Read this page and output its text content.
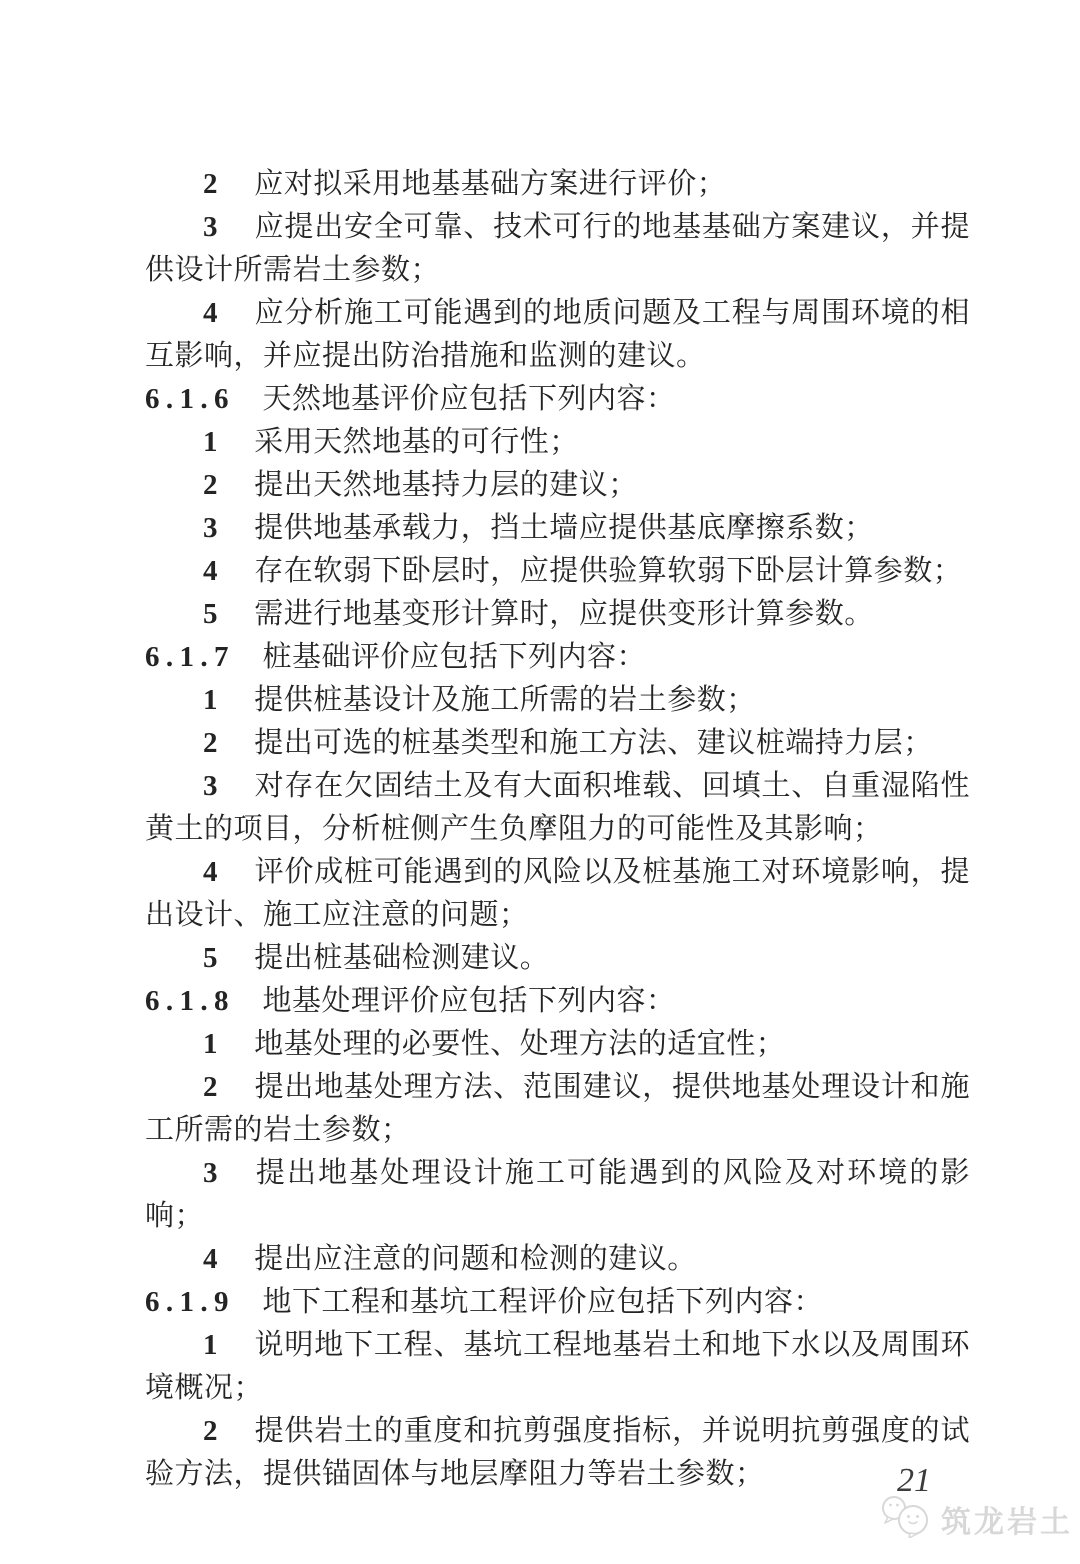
2 应对拟采用地基基础方案进行评价；

3 应提出安全可靠、技术可行的地基基础方案建议，并提供设计所需岩土参数；

4 应分析施工可能遇到的地质问题及工程与周围环境的相互影响，并应提出防治措施和监测的建议。

6.1.6 天然地基评价应包括下列内容：

1 采用天然地基的可行性；

2 提出天然地基持力层的建议；

3 提供地基承载力，挡土墙应提供基底摩擦系数；

4 存在软弱下卧层时，应提供验算软弱下卧层计算参数；

5 需进行地基变形计算时，应提供变形计算参数。

6.1.7 桩基础评价应包括下列内容：

1 提供桩基设计及施工所需的岩土参数；

2 提出可选的桩基类型和施工方法、建议桩端持力层；

3 对存在欠固结土及有大面积堆载、回填土、自重湿陷性黄土的项目，分析桩侧产生负摩阻力的可能性及其影响；

4 评价成桩可能遇到的风险以及桩基施工对环境影响，提出设计、施工应注意的问题；

5 提出桩基础检测建议。

6.1.8 地基处理评价应包括下列内容：

1 地基处理的必要性、处理方法的适宜性；

2 提出地基处理方法、范围建议，提供地基处理设计和施工所需的岩土参数；

3 提出地基处理设计施工可能遇到的风险及对环境的影响；

4 提出应注意的问题和检测的建议。

6.1.9 地下工程和基坑工程评价应包括下列内容：

1 说明地下工程、基坑工程地基岩土和地下水以及周围环境概况；

2 提供岩土的重度和抗剪强度指标，并说明抗剪强度的试验方法，提供锚固体与地层摩阻力等岩土参数；	21
筑龙岩土
